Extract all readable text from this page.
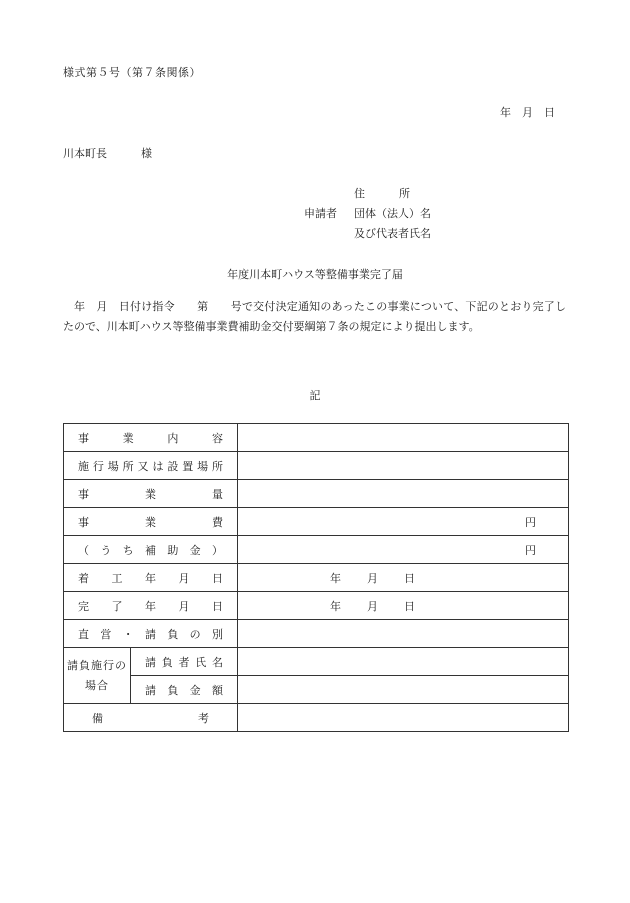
様式第５号（第７条関係）
年　月　日
川本町長	様
住	所
申請者 団体（法人）名
及び代表者氏名
年度川本町ハウス等整備事業完了届
年　月　日付け指令　　第　　号で交付決定通知のあったこの事業について、下記のとおり完了したので、川本町ハウス等整備事業費補助金交付要綱第７条の規定により提出します。
記
事業内容		
施行場所又は設置場所		
事業量		
事業費		円
（うち補助金）		円
着工年月日		年 月 日
完了年月日		年 月 日
直営・請負の別		
請負施行の場合	請負者氏名	
	請負金額	
備考		
